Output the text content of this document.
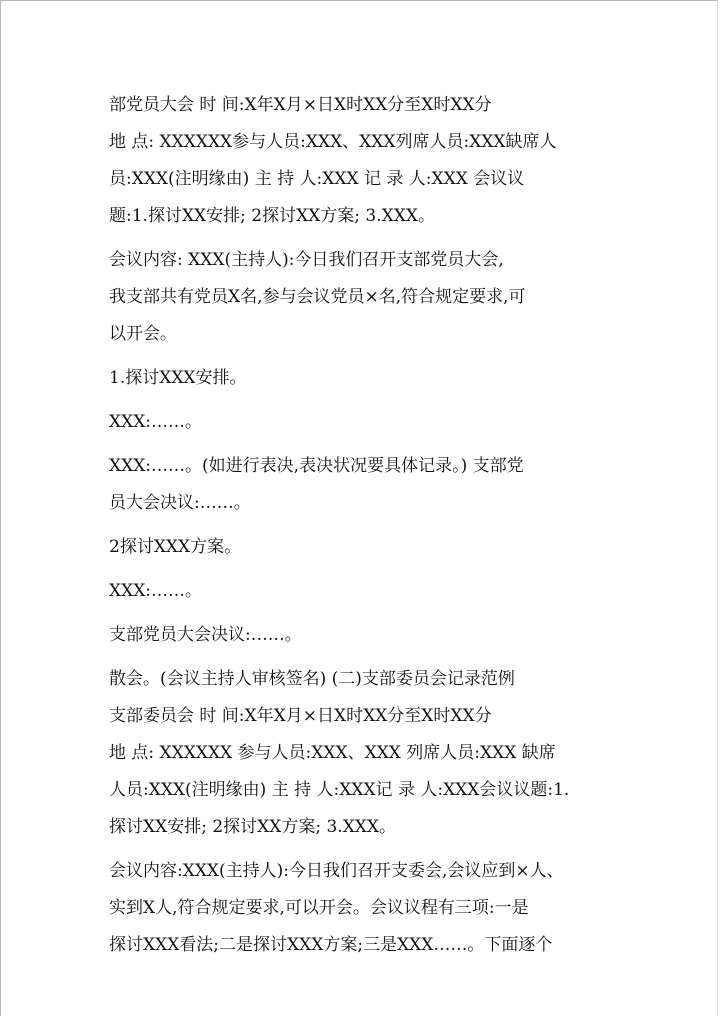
部党员大会 时 间:X年X月×日X时XX分至X时XX分
地 点: XXXXXX参与人员:XXX、XXX列席人员:XXX缺席人
员:XXX(注明缘由) 主 持 人:XXX 记 录 人:XXX 会议议
题:1.探讨XX安排; 2探讨XX方案; 3.XXX。
会议内容: XXX(主持人):今日我们召开支部党员大会,
我支部共有党员X名,参与会议党员×名,符合规定要求,可
以开会。
1.探讨XXX安排。
XXX:……。
XXX:……。(如进行表决,表决状况要具体记录。) 支部党
员大会决议:……。
2探讨XXX方案。
XXX:……。
支部党员大会决议:……。
散会。(会议主持人审核签名) (二)支部委员会记录范例
支部委员会 时 间:X年X月×日X时XX分至X时XX分
地 点: XXXXXX 参与人员:XXX、XXX 列席人员:XXX 缺席
人员:XXX(注明缘由) 主 持 人:XXX记 录 人:XXX会议议题:1.
探讨XX安排; 2探讨XX方案; 3.XXX。
会议内容:XXX(主持人):今日我们召开支委会,会议应到×人、
实到X人,符合规定要求,可以开会。会议议程有三项:一是
探讨XXX看法;二是探讨XXX方案;三是XXX……。下面逐个
